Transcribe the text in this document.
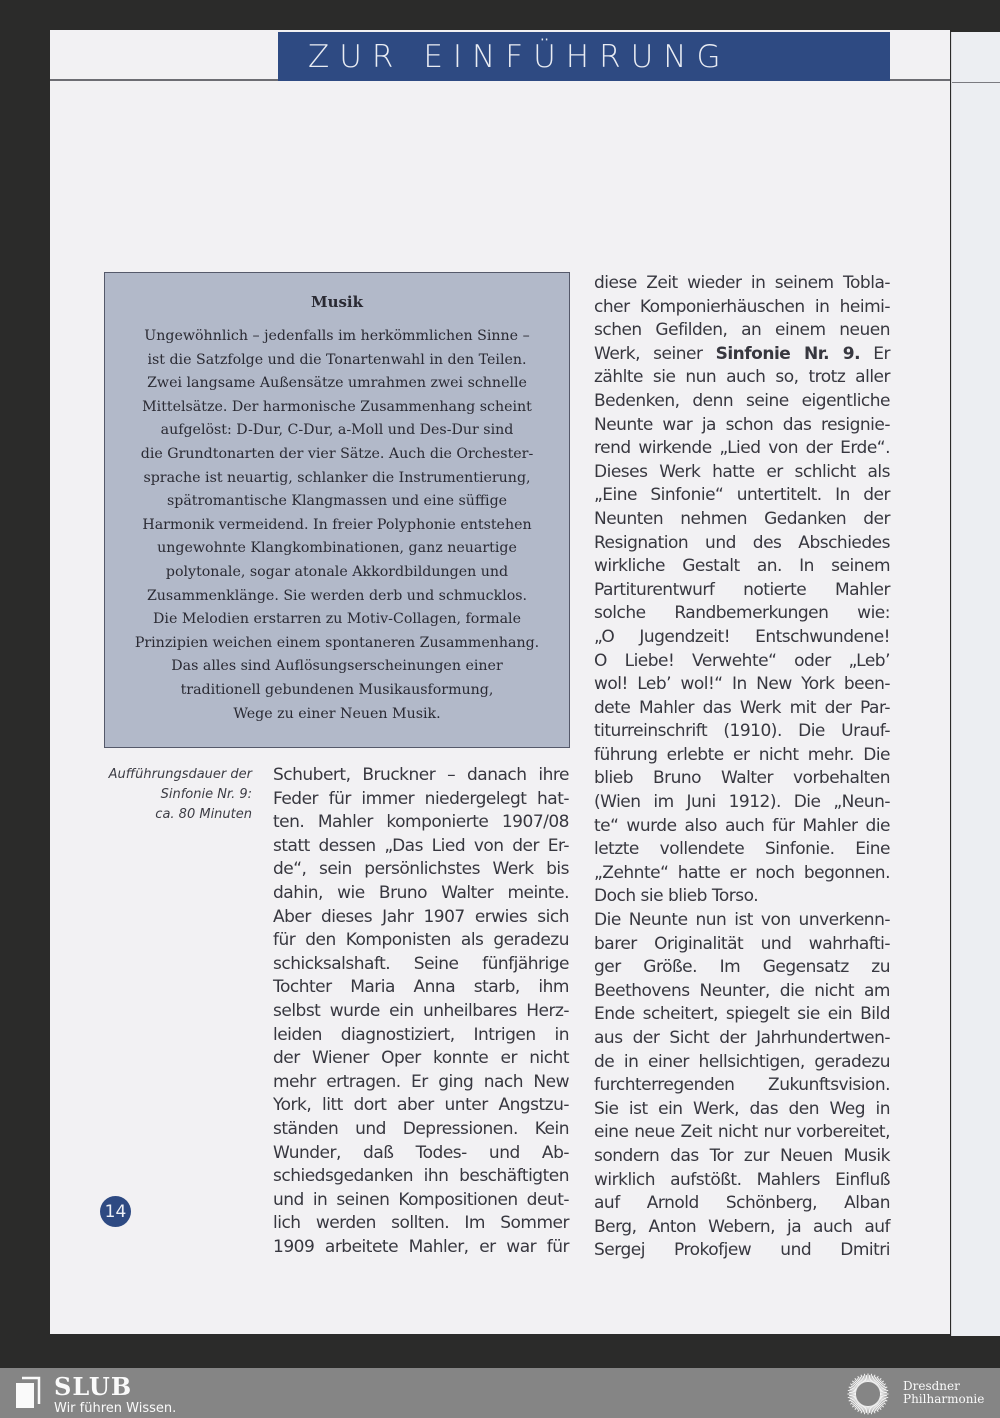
ZUR EINFÜHRUNG
Musik
Ungewöhnlich – jedenfalls im herkömmlichen Sinne –
ist die Satzfolge und die Tonartenwahl in den Teilen.
Zwei langsame Außensätze umrahmen zwei schnelle
Mittelsätze. Der harmonische Zusammenhang scheint
aufgelöst: D-Dur, C-Dur, a-Moll und Des-Dur sind
die Grundtonarten der vier Sätze. Auch die Orchester-
sprache ist neuartig, schlanker die Instrumentierung,
spätromantische Klangmassen und eine süffige
Harmonik vermeidend. In freier Polyphonie entstehen
ungewohnte Klangkombinationen, ganz neuartige
polytonale, sogar atonale Akkordbildungen und
Zusammenklänge. Sie werden derb und schmucklos.
Die Melodien erstarren zu Motiv-Collagen, formale
Prinzipien weichen einem spontaneren Zusammenhang.
Das alles sind Auflösungserscheinungen einer
traditionell gebundenen Musikausformung,
Wege zu einer Neuen Musik.
Aufführungsdauer der
Sinfonie Nr. 9:
ca. 80 Minuten
Schubert, Bruckner – danach ihre
Feder für immer niedergelegt hat-
ten. Mahler komponierte 1907/08
statt dessen „Das Lied von der Er-
de“, sein persönlichstes Werk bis
dahin, wie Bruno Walter meinte.
Aber dieses Jahr 1907 erwies sich
für den Komponisten als geradezu
schicksalshaft. Seine fünfjährige
Tochter Maria Anna starb, ihm
selbst wurde ein unheilbares Herz-
leiden diagnostiziert, Intrigen in
der Wiener Oper konnte er nicht
mehr ertragen. Er ging nach New
York, litt dort aber unter Angstzu-
ständen und Depressionen. Kein
Wunder, daß Todes- und Ab-
schiedsgedanken ihn beschäftigten
und in seinen Kompositionen deut-
lich werden sollten. Im Sommer
1909 arbeitete Mahler, er war für
diese Zeit wieder in seinem Tobla-
cher Komponierhäuschen in heimi-
schen Gefilden, an einem neuen
Werk, seiner Sinfonie Nr. 9. Er
zählte sie nun auch so, trotz aller
Bedenken, denn seine eigentliche
Neunte war ja schon das resignie-
rend wirkende „Lied von der Erde“.
Dieses Werk hatte er schlicht als
„Eine Sinfonie“ untertitelt. In der
Neunten nehmen Gedanken der
Resignation und des Abschiedes
wirkliche Gestalt an. In seinem
Partiturentwurf notierte Mahler
solche Randbemerkungen wie:
„O Jugendzeit! Entschwundene!
O Liebe! Verwehte“ oder „Leb’
wol! Leb’ wol!“ In New York been-
dete Mahler das Werk mit der Par-
titurreinschrift (1910). Die Urauf-
führung erlebte er nicht mehr. Die
blieb Bruno Walter vorbehalten
(Wien im Juni 1912). Die „Neun-
te“ wurde also auch für Mahler die
letzte vollendete Sinfonie. Eine
„Zehnte“ hatte er noch begonnen.
Doch sie blieb Torso.
Die Neunte nun ist von unverkenn-
barer Originalität und wahrhafti-
ger Größe. Im Gegensatz zu
Beethovens Neunter, die nicht am
Ende scheitert, spiegelt sie ein Bild
aus der Sicht der Jahrhundertwen-
de in einer hellsichtigen, geradezu
furchterregenden Zukunftsvision.
Sie ist ein Werk, das den Weg in
eine neue Zeit nicht nur vorbereitet,
sondern das Tor zur Neuen Musik
wirklich aufstößt. Mahlers Einfluß
auf Arnold Schönberg, Alban
Berg, Anton Webern, ja auch auf
Sergej Prokofjew und Dmitri
14
SLUB
Wir führen Wissen.
Dresdner
Philharmonie
